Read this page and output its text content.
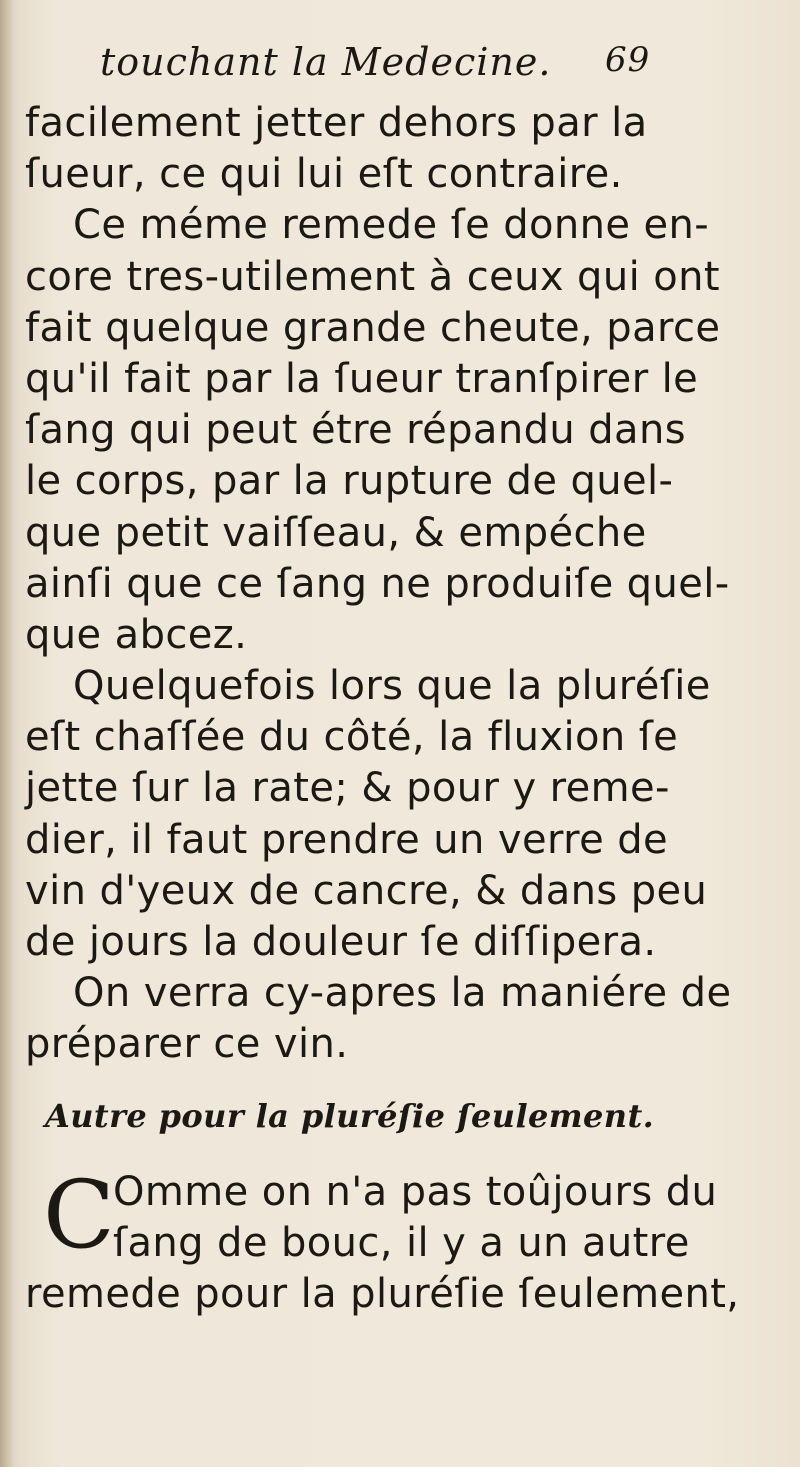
touchant la Medecine. 69
facilement jetter dehors par la
ſueur, ce qui lui eſt contraire.
Ce méme remede ſe donne en-
core tres-utilement à ceux qui ont
fait quelque grande cheute, parce
qu'il fait par la ſueur tranſpirer le
ſang qui peut étre répandu dans
le corps, par la rupture de quel-
que petit vaiſſeau, & empéche
ainſi que ce ſang ne produiſe quel-
que abcez.
Quelquefois lors que la pluréſie
eſt chaſſée du côté, la fluxion ſe
jette ſur la rate; & pour y reme-
dier, il faut prendre un verre de
vin d'yeux de cancre, & dans peu
de jours la douleur ſe diſſipera.
On verra cy-apres la maniére de
préparer ce vin.
Autre pour la pluréſie ſeulement.
C
Omme on n'a pas toûjours du
ſang de bouc, il y a un autre
remede pour la pluréſie ſeulement,
